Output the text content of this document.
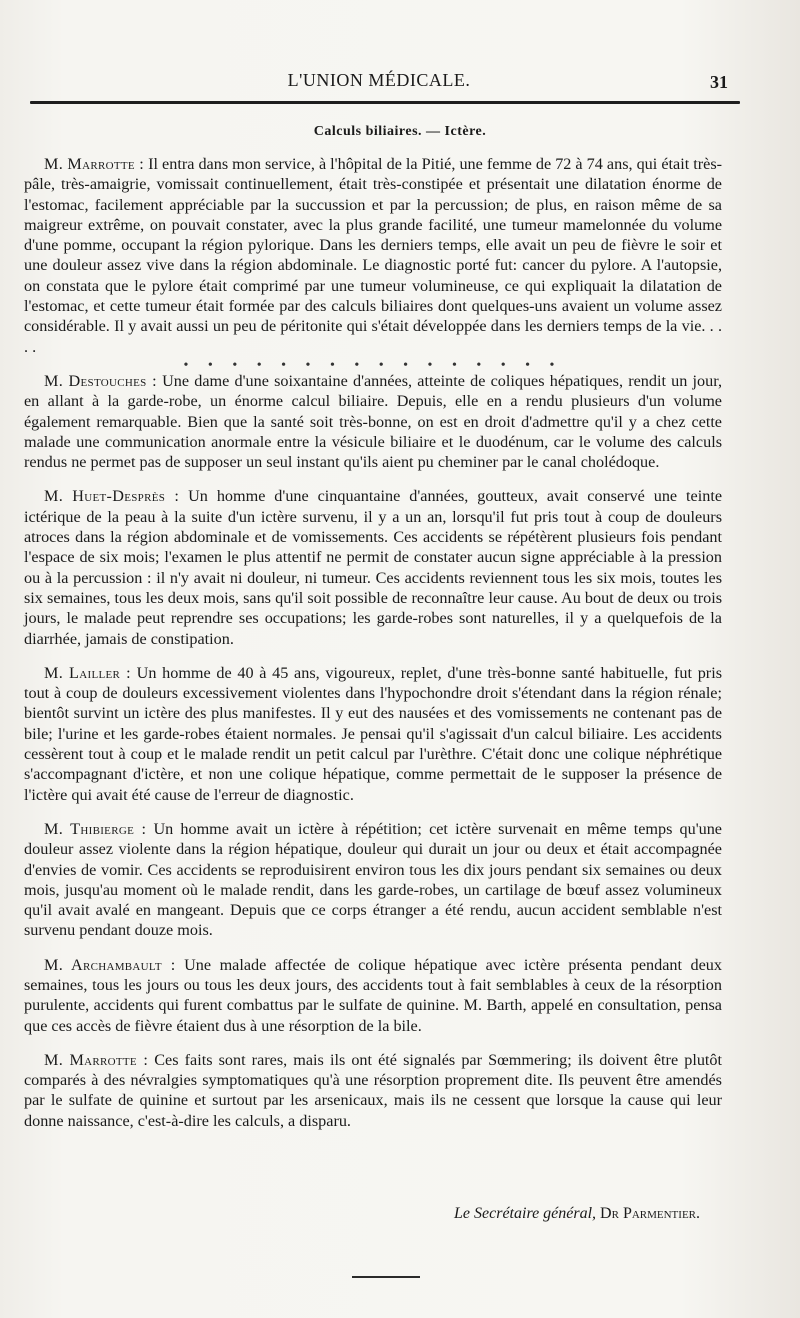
L'UNION MÉDICALE.	31
Calculs biliaires. — Ictère.

M. Marrotte : Il entra dans mon service, à l'hôpital de la Pitié, une femme de 72 à 74 ans, qui était très-pâle, très-amaigrie, vomissait continuellement, était très-constipée et présentait une dilatation énorme de l'estomac, facilement appréciable par la succussion et par la percussion; de plus, en raison même de sa maigreur extrême, on pouvait constater, avec la plus grande facilité, une tumeur mamelonnée du volume d'une pomme, occupant la région pylorique. Dans les derniers temps, elle avait un peu de fièvre le soir et une douleur assez vive dans la région abdominale. Le diagnostic porté fut: cancer du pylore. A l'autopsie, on constata que le pylore était comprimé par une tumeur volumineuse, ce qui expliquait la dilatation de l'estomac, et cette tumeur était formée par des calculs biliaires dont quelques-uns avaient un volume assez considérable. Il y avait aussi un peu de péritonite qui s'était développée dans les derniers temps de la vie. . . . .

• • • • • • • • • • • • • • • •

M. Destouches : Une dame d'une soixantaine d'années, atteinte de coliques hépatiques, rendit un jour, en allant à la garde-robe, un énorme calcul biliaire. Depuis, elle en a rendu plusieurs d'un volume également remarquable. Bien que la santé soit très-bonne, on est en droit d'admettre qu'il y a chez cette malade une communication anormale entre la vésicule biliaire et le duodénum, car le volume des calculs rendus ne permet pas de supposer un seul instant qu'ils aient pu cheminer par le canal cholédoque.

M. Huet-Desprès : Un homme d'une cinquantaine d'années, goutteux, avait conservé une teinte ictérique de la peau à la suite d'un ictère survenu, il y a un an, lorsqu'il fut pris tout à coup de douleurs atroces dans la région abdominale et de vomissements. Ces accidents se répétèrent plusieurs fois pendant l'espace de six mois; l'examen le plus attentif ne permit de constater aucun signe appréciable à la pression ou à la percussion : il n'y avait ni douleur, ni tumeur. Ces accidents reviennent tous les six mois, toutes les six semaines, tous les deux mois, sans qu'il soit possible de reconnaître leur cause. Au bout de deux ou trois jours, le malade peut reprendre ses occupations; les garde-robes sont naturelles, il y a quelquefois de la diarrhée, jamais de constipation.

M. Lailler : Un homme de 40 à 45 ans, vigoureux, replet, d'une très-bonne santé habituelle, fut pris tout à coup de douleurs excessivement violentes dans l'hypochondre droit s'étendant dans la région rénale; bientôt survint un ictère des plus manifestes. Il y eut des nausées et des vomissements ne contenant pas de bile; l'urine et les garde-robes étaient normales. Je pensai qu'il s'agissait d'un calcul biliaire. Les accidents cessèrent tout à coup et le malade rendit un petit calcul par l'urèthre. C'était donc une colique néphrétique s'accompagnant d'ictère, et non une colique hépatique, comme permettait de le supposer la présence de l'ictère qui avait été cause de l'erreur de diagnostic.

M. Thibierge : Un homme avait un ictère à répétition; cet ictère survenait en même temps qu'une douleur assez violente dans la région hépatique, douleur qui durait un jour ou deux et était accompagnée d'envies de vomir. Ces accidents se reproduisirent environ tous les dix jours pendant six semaines ou deux mois, jusqu'au moment où le malade rendit, dans les garde-robes, un cartilage de bœuf assez volumineux qu'il avait avalé en mangeant. Depuis que ce corps étranger a été rendu, aucun accident semblable n'est survenu pendant douze mois.

M. Archambault : Une malade affectée de colique hépatique avec ictère présenta pendant deux semaines, tous les jours ou tous les deux jours, des accidents tout à fait semblables à ceux de la résorption purulente, accidents qui furent combattus par le sulfate de quinine. M. Barth, appelé en consultation, pensa que ces accès de fièvre étaient dus à une résorption de la bile.

M. Marrotte : Ces faits sont rares, mais ils ont été signalés par Sœmmering; ils doivent être plutôt comparés à des névralgies symptomatiques qu'à une résorption proprement dite. Ils peuvent être amendés par le sulfate de quinine et surtout par les arsenicaux, mais ils ne cessent que lorsque la cause qui leur donne naissance, c'est-à-dire les calculs, a disparu.

Le Secrétaire général, Dr Parmentier.
